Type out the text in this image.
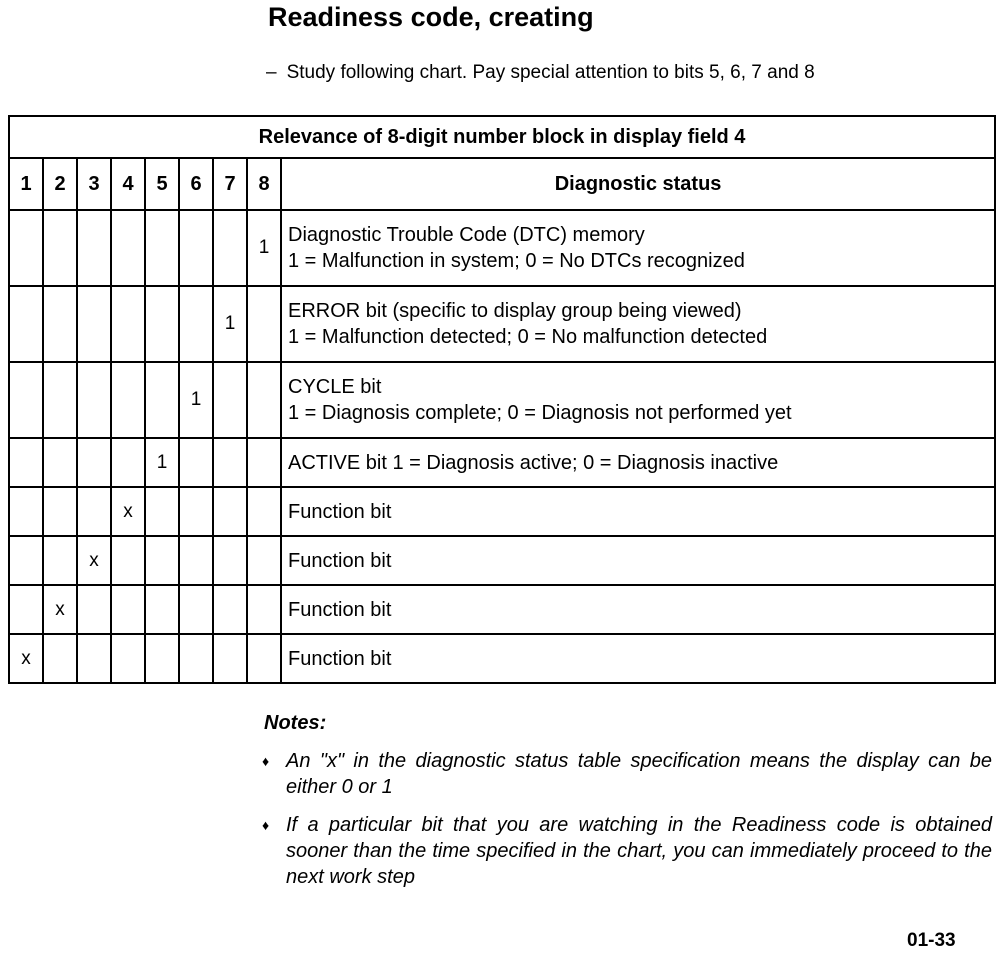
Readiness code, creating
– Study following chart. Pay special attention to bits 5, 6, 7 and 8
Relevance of 8-digit number block in display field 4								
1	2	3	4	5	6	7	8	Diagnostic status
							1	Diagnostic Trouble Code (DTC) memory
1 = Malfunction in system; 0 = No DTCs recognized

						1		ERROR bit (specific to display group being viewed)
1 = Malfunction detected; 0 = No malfunction detected

					1			CYCLE bit
1 = Diagnosis complete; 0 = Diagnosis not performed yet

				1				ACTIVE bit 1 = Diagnosis active; 0 = Diagnosis inactive

			x					Function bit

		x						Function bit

	x							Function bit

x								Function bit
Notes:
♦ An "x" in the diagnostic status table specification means the display can be either 0 or 1
♦ If a particular bit that you are watching in the Readiness code is obtained sooner than the time specified in the chart, you can immediately proceed to the next work step
01-33
